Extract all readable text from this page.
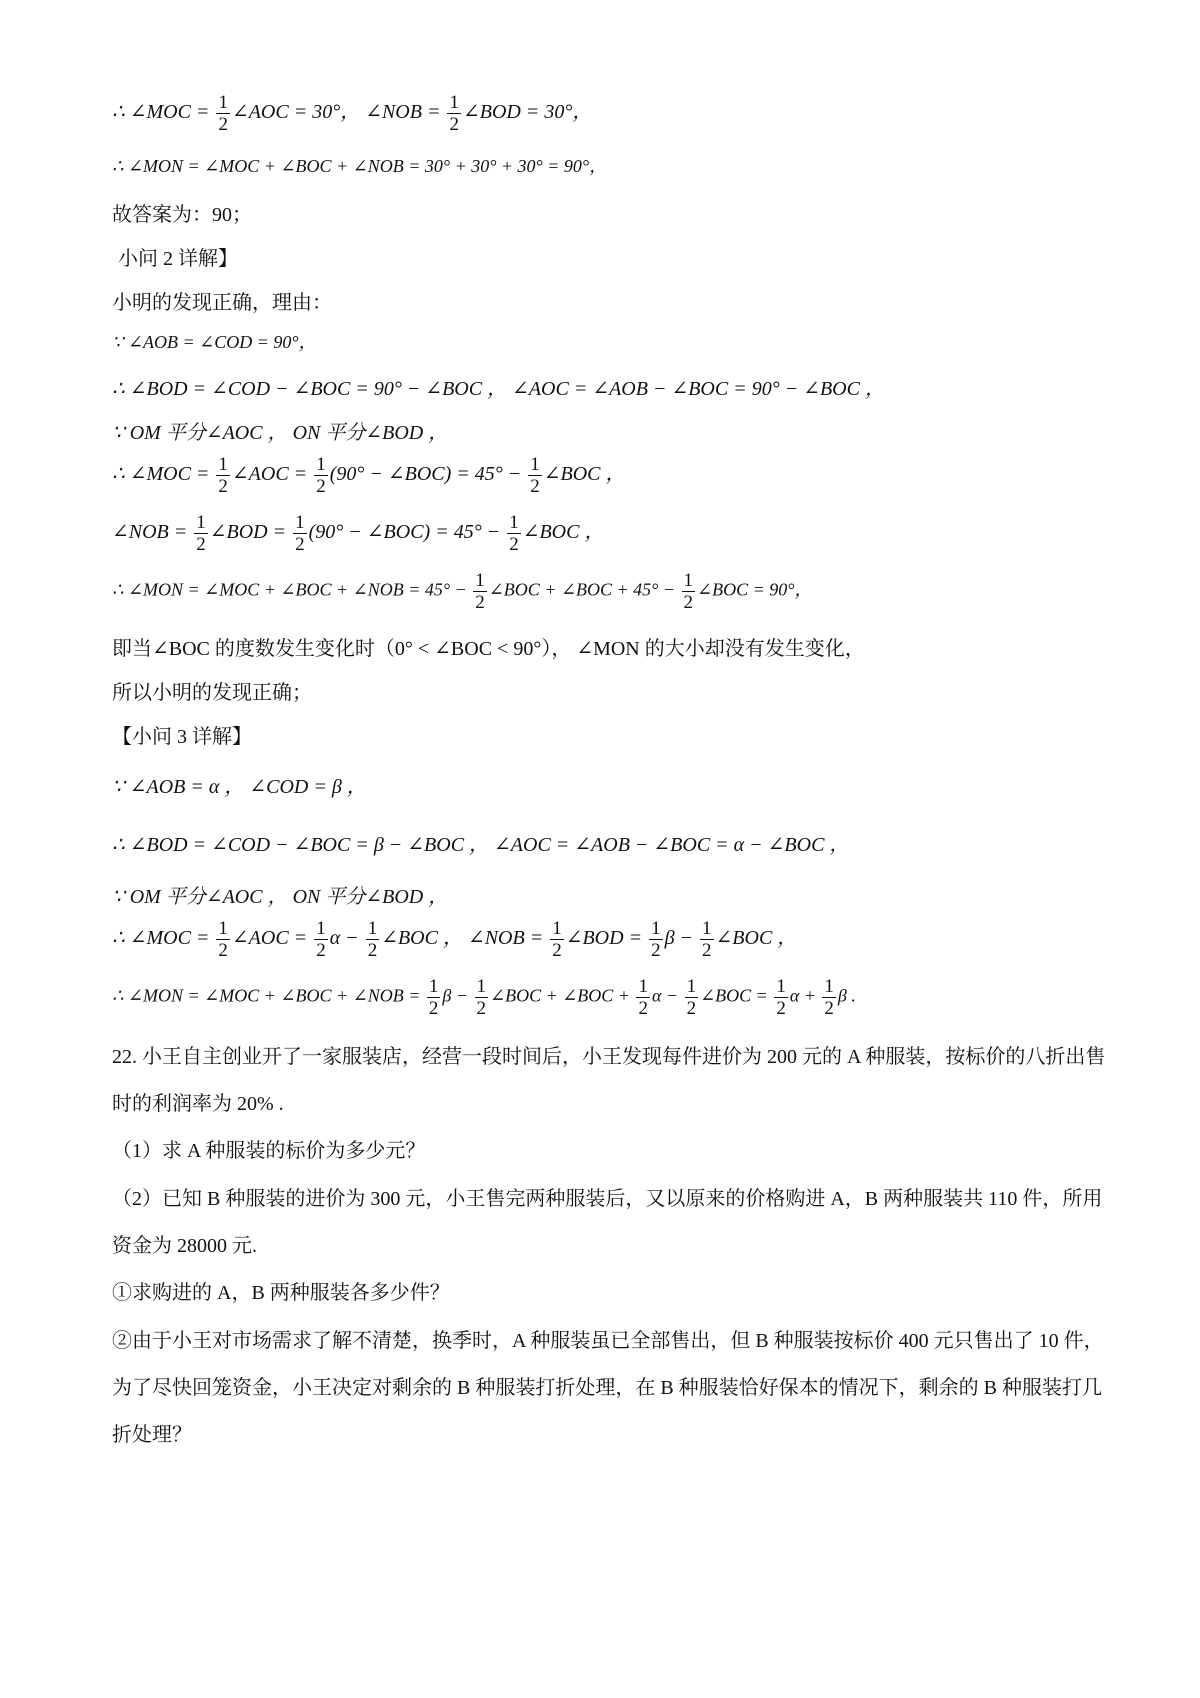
∴ ∠MOC = $\frac{1}{2}$ ∠AOC = 30°， ∠NOB = $\frac{1}{2}$ ∠BOD = 30°，
∴ ∠MON = ∠MOC + ∠BOC + ∠NOB = 30° + 30° + 30° = 90°，
故答案为：90；
小问 2 详解】
小明的发现正确，理由：
∵ ∠AOB = ∠COD = 90°，
∴ ∠BOD = ∠COD − ∠BOC = 90° − ∠BOC ， ∠AOC = ∠AOB − ∠BOC = 90° − ∠BOC ，
∵ OM 平分∠AOC ， ON 平分∠BOD ，
∴ ∠MOC = $\frac{1}{2}$ ∠AOC = $\frac{1}{2} (90^\circ$ − ∠BOC) = $45^\circ - \frac{1}{2}$ ∠BOC ，
∠NOB = $\frac{1}{2}$ ∠BOD = $\frac{1}{2} (90^\circ$ − ∠BOC) = $45^\circ - \frac{1}{2}$ ∠BOC ，
∴ ∠MON = ∠MOC + ∠BOC + ∠NOB = $45^\circ - \frac{1}{2}$ ∠BOC + ∠BOC + $45^\circ - \frac{1}{2}$ ∠BOC = 90°，
即当∠BOC 的度数发生变化时（0° < ∠BOC < 90°）， ∠MON 的大小却没有发生变化，
所以小明的发现正确；
【小问 3 详解】
∵ ∠AOB = α ， ∠COD = β ，
∴ ∠BOD = ∠COD − ∠BOC = β − ∠BOC ， ∠AOC = ∠AOB − ∠BOC = α − ∠BOC ，
∵ OM 平分∠AOC ， ON 平分∠BOD ，
∴ ∠MOC = $\frac{1}{2}$ ∠AOC = $\frac{1}{2}$ $\alpha - \frac{1}{2}$ ∠BOC ， ∠NOB = $\frac{1}{2}$ ∠BOD = $\frac{1}{2}$ $\beta - \frac{1}{2}$ ∠BOC ，
∴ ∠MON = ∠MOC + ∠BOC + ∠NOB = $\frac{1}{2}$ $\beta - \frac{1}{2}$ ∠BOC + ∠BOC + $\frac{1}{2}$ $\alpha - \frac{1}{2}$ ∠BOC = $\frac{1}{2}$ $\alpha + \frac{1}{2}$ β .
22. 小王自主创业开了一家服装店，经营一段时间后，小王发现每件进价为 200 元的 A 种服装，按标价的八折出售时的利润率为 20% .
（1）求 A 种服装的标价为多少元？
（2）已知 B 种服装的进价为 300 元，小王售完两种服装后，又以原来的价格购进 A，B 两种服装共 110 件，所用资金为 28000 元.
①求购进的 A，B 两种服装各多少件？
②由于小王对市场需求了解不清楚，换季时，A 种服装虽已全部售出，但 B 种服装按标价 400 元只售出了 10 件，为了尽快回笼资金，小王决定对剩余的 B 种服装打折处理，在 B 种服装恰好保本的情况下，剩余的 B 种服装打几折处理？
